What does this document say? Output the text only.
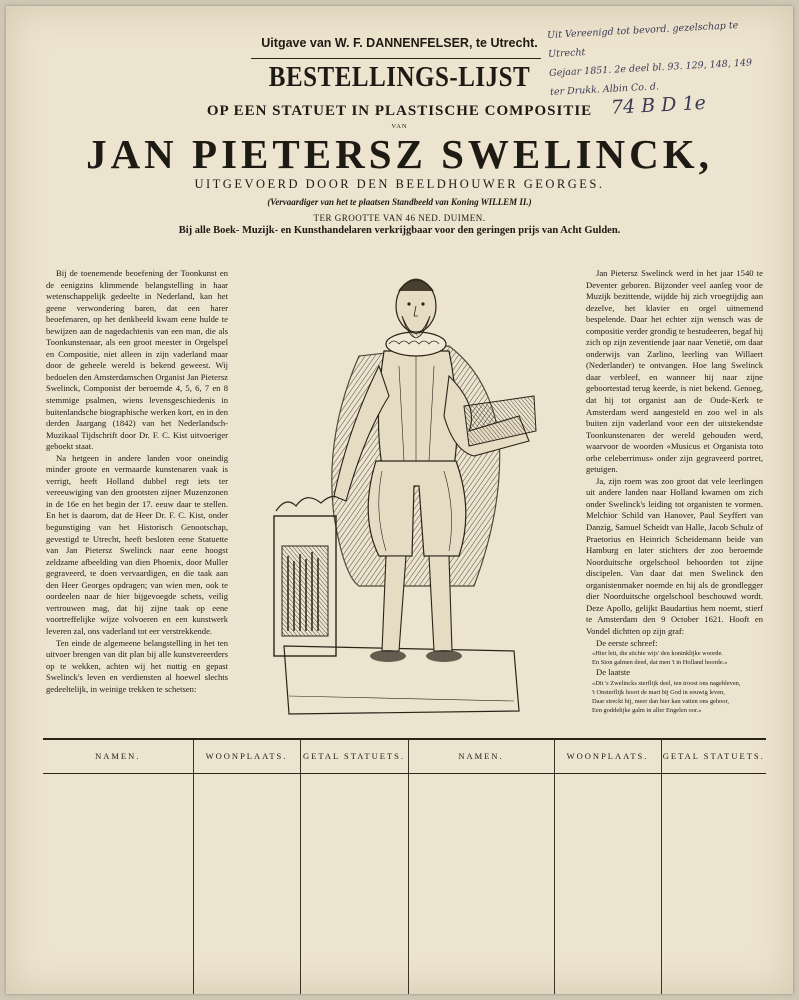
Uit Vereenigd tot bevord. gezelschap te Utrecht
Gejaar 1851. 2e deel bl. 93. 129, 148, 149
ter Drukk. Albin Co. d.
74 B D 1e
Uitgave van W. F. DANNENFELSER, te Utrecht.
BESTELLINGS-LIJST
OP EEN STATUET IN PLASTISCHE COMPOSITIE
VAN
JAN PIETERSZ SWELINCK,
UITGEVOERD DOOR DEN BEELDHOUWER GEORGES.
(Vervaardiger van het te plaatsen Standbeeld van Koning WILLEM II.)
TER GROOTTE VAN 46 NED. DUIMEN.
Bij alle Boek- Muzijk- en Kunsthandelaren verkrijgbaar voor den geringen prijs van Acht Gulden.

Bij de toenemende beoefening der Toonkunst en de eenigzins klimmende belangstelling in haar wetenschappelijk gedeelte in Nederland, kan het geene verwondering baren, dat een harer beoefenaren, op het denkbeeld kwam eene hulde te bewijzen aan de nagedachtenis van een man, die als Toonkunstenaar, als een groot meester in Orgelspel en Compositie, niet alleen in zijn vaderland maar door de geheele wereld is bekend geweest. Wij bedoelen den Amsterdamschen Organist Jan Pietersz Swelinck, Componist der beroemde 4, 5, 6, 7 en 8 stemmige psalmen, wiens levensgeschiedenis in buitenlandsche biographische werken kort, en in den derden Jaargang (1842) van het Nederlandsch-Muzikaal Tijdschrift door Dr. F. C. Kist uitvoeriger geboekt staat.

Na hetgeen in andere landen voor oneindig minder groote en vermaarde kunstenaren vaak is verrigt, heeft Holland dubbel regt iets ter vereeuwiging van den grootsten zijner Muzenzonen in de 16e en het begin der 17. eeuw daar te stellen. En het is daarom, dat de Heer Dr. F. C. Kist, onder begunstiging van het Historisch Genootschap, gevestigd te Utrecht, heeft besloten eene Statuette van Jan Pietersz Swelinck naar eene hoogst zeldzame afbeelding van dien Phoenix, door Muller gegraveerd, te doen vervaardigen, en die taak aan den Heer Georges opdragen; van wien men, ook te oordeelen naar de hier bijgevoegde schets, veilig vertrouwen mag, dat hij zijne taak op eene voortreffelijke wijze volvoeren en een kunstwerk leveren zal, ons vaderland tot eer verstrekkende.

Ten einde de algemeene belangstelling in het ten uitvoer brengen van dit plan bij alle kunstvereerders op te wekken, achten wij het nuttig en gepast Swelinck's leven en verdiensten al hoewel slechts gedeeltelijk, in weinige trekken te schetsen:

Jan Pietersz Swelinck werd in het jaar 1540 te Deventer geboren. Bijzonder veel aanleg voor de Muzijk bezittende, wijdde hij zich vroegtijdig aan dezelve, het klavier en orgel uitnemend bespelende. Daar het echter zijn wensch was de compositie verder grondig te bestudeeren, begaf hij zich op zijn zeventiende jaar naar Venetië, om daar onderwijs van Zarlino, leerling van Willaert (Nederlander) te ontvangen. Hoe lang Swelinck daar verbleef, en wanneer hij naar zijne geboortestad terug keerde, is niet bekend. Genoeg, dat hij tot organist aan de Oude-Kerk te Amsterdam werd aangesteld en zoo wel in als buiten zijn vaderland voor een der uitstekendste Toonkunstenaren der wereld gehouden werd, waarvoor de woorden «Musicus et Organista toto orbe celeberrimus» onder zijn gegraveerd portret, getuigen.

Ja, zijn roem was zoo groot dat vele leerlingen uit andere landen naar Holland kwamen om zich onder Swelinck's leiding tot organisten te vormen. Melchior Schild van Hanover, Paul Seyffert van Danzig, Samuel Scheidt van Halle, Jacob Schulz of Praetorius en Heinrich Scheidemann beide van Hamburg en later stichters der zoo beroemde Noorduitsche orgelschool behoorden tot zijne discipelen. Van daar dat men Swelinck den organistenmaker noemde en hij als de grondlegger dier Noorduitsche orgelschool beschouwd wordt. Deze Apollo, gelijkt Baudartius hem noemt, stierf te Amsterdam den 9 October 1621. Hooft en Vondel dichtten op zijn graf:

De eerste schreef:

«Hier leit, die stichte wijs' den koninklijke woorde.

En Sion galmen deed, dat men 't in Holland hoorde.»

De laatste

«Dit 's Zwelincks sterflijk deel, ten troost ons nagebleven,

't Onsterflijk hoort de mart bij God in eeuwig leven,

Daar streckt hij, meer dan hier kan vatten ons gehoor,

Een goddelijke galm in aller Engelen oor.»

NAMEN.	WOONPLAATS.	GETAL STATUETS.	NAMEN.	WOONPLAATS.	GETAL STATUETS.
